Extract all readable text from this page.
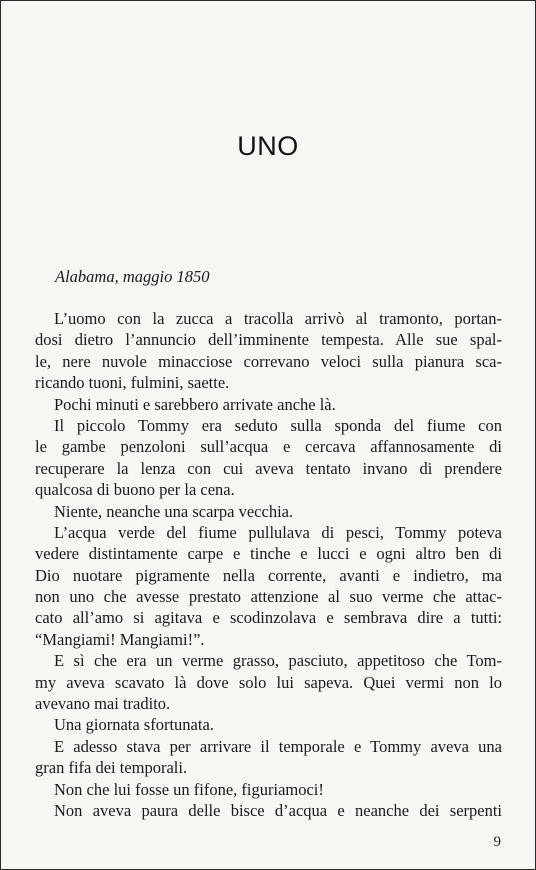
UNO

Alabama, maggio 1850

L’uomo con la zucca a tracolla arrivò al tramonto, portan-
dosi dietro l’annuncio dell’imminente tempesta. Alle sue spal-
le, nere nuvole minacciose correvano veloci sulla pianura sca-
ricando tuoni, fulmini, saette.
Pochi minuti e sarebbero arrivate anche là.
Il piccolo Tommy era seduto sulla sponda del fiume con
le gambe penzoloni sull’acqua e cercava affannosamente di
recuperare la lenza con cui aveva tentato invano di prendere
qualcosa di buono per la cena.
Niente, neanche una scarpa vecchia.
L’acqua verde del fiume pullulava di pesci, Tommy poteva
vedere distintamente carpe e tinche e lucci e ogni altro ben di
Dio nuotare pigramente nella corrente, avanti e indietro, ma
non uno che avesse prestato attenzione al suo verme che attac-
cato all’amo si agitava e scodinzolava e sembrava dire a tutti:
“Mangiami! Mangiami!”.
E sì che era un verme grasso, pasciuto, appetitoso che Tom-
my aveva scavato là dove solo lui sapeva. Quei vermi non lo
avevano mai tradito.
Una giornata sfortunata.
E adesso stava per arrivare il temporale e Tommy aveva una
gran fifa dei temporali.
Non che lui fosse un fifone, figuriamoci!
Non aveva paura delle bisce d’acqua e neanche dei serpenti

9
